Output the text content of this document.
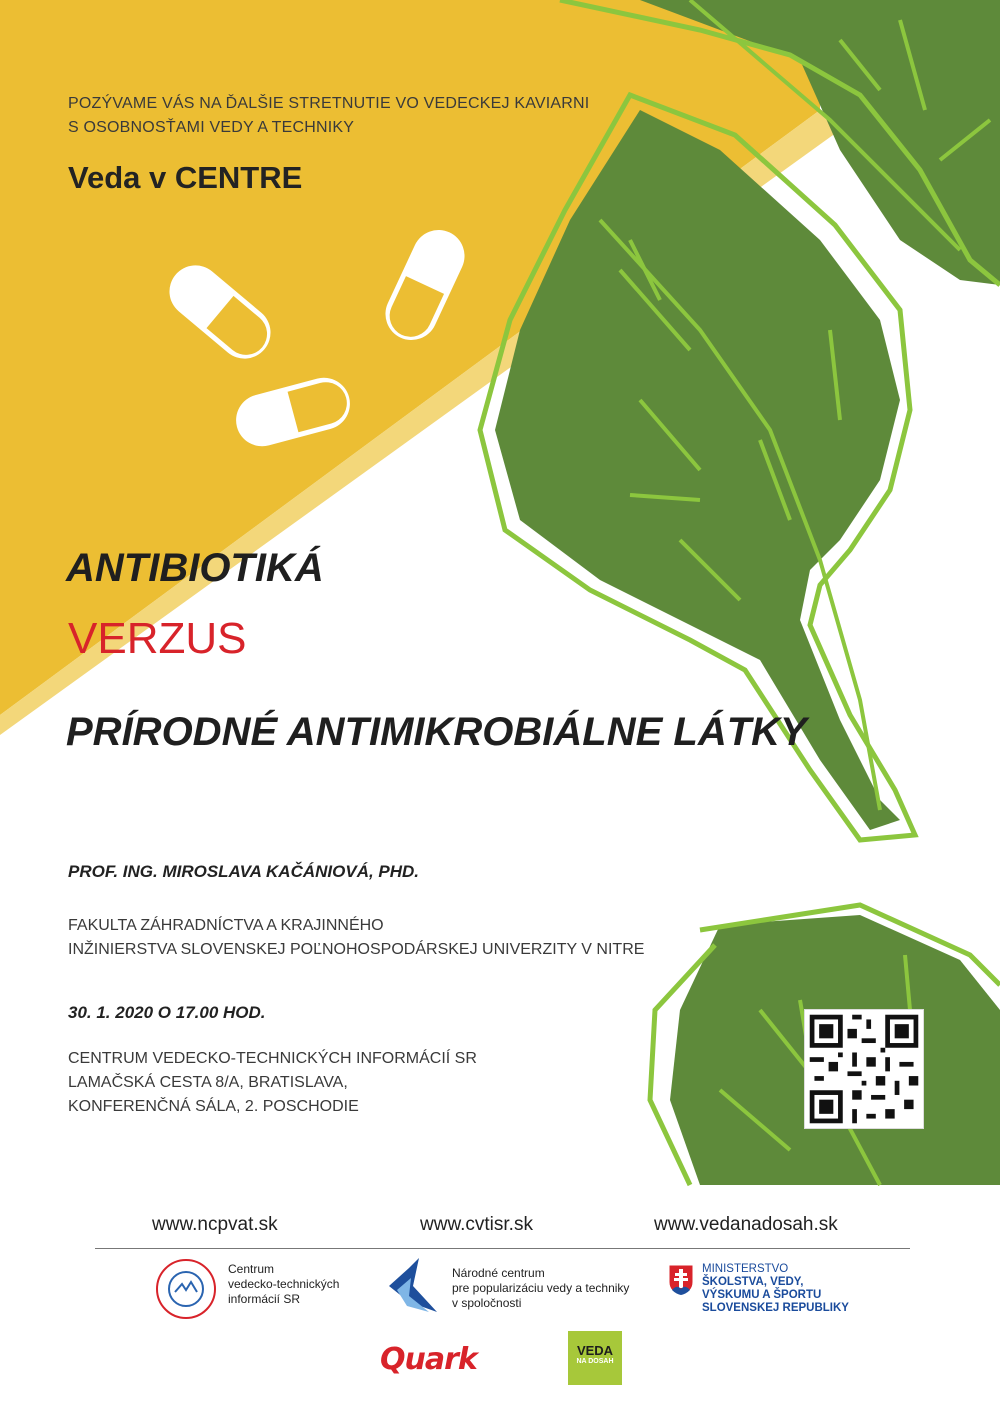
POZÝVAME VÁS NA ĎALŠIE STRETNUTIE VO VEDECKEJ KAVIARNI
S OSOBNOSŤAMI VEDY A TECHNIKY
Veda v CENTRE
ANTIBIOTIKÁ
VERZUS
PRÍRODNÉ ANTIMIKROBIÁLNE LÁTKY
PROF. ING. MIROSLAVA KAČÁNIOVÁ, PHD.
FAKULTA ZÁHRADNÍCTVA A KRAJINNÉHO
INŽINIERSTVA SLOVENSKEJ POĽNOHOSPODÁRSKEJ UNIVERZITY V NITRE
30. 1. 2020 O 17.00 HOD.
CENTRUM VEDECKO-TECHNICKÝCH INFORMÁCIÍ SR
LAMAČSKÁ CESTA 8/A, BRATISLAVA,
KONFERENČNÁ SÁLA, 2. POSCHODIE
www.ncpvat.sk	www.cvtisr.sk	www.vedanadosah.sk
Centrum
vedecko-technických
informácií SR
Národné centrum
pre popularizáciu vedy a techniky
v spoločnosti
MINISTERSTVO
ŠKOLSTVA, VEDY,
VÝSKUMU A ŠPORTU
SLOVENSKEJ REPUBLIKY
Quark	VEDA
NA DOSAH
